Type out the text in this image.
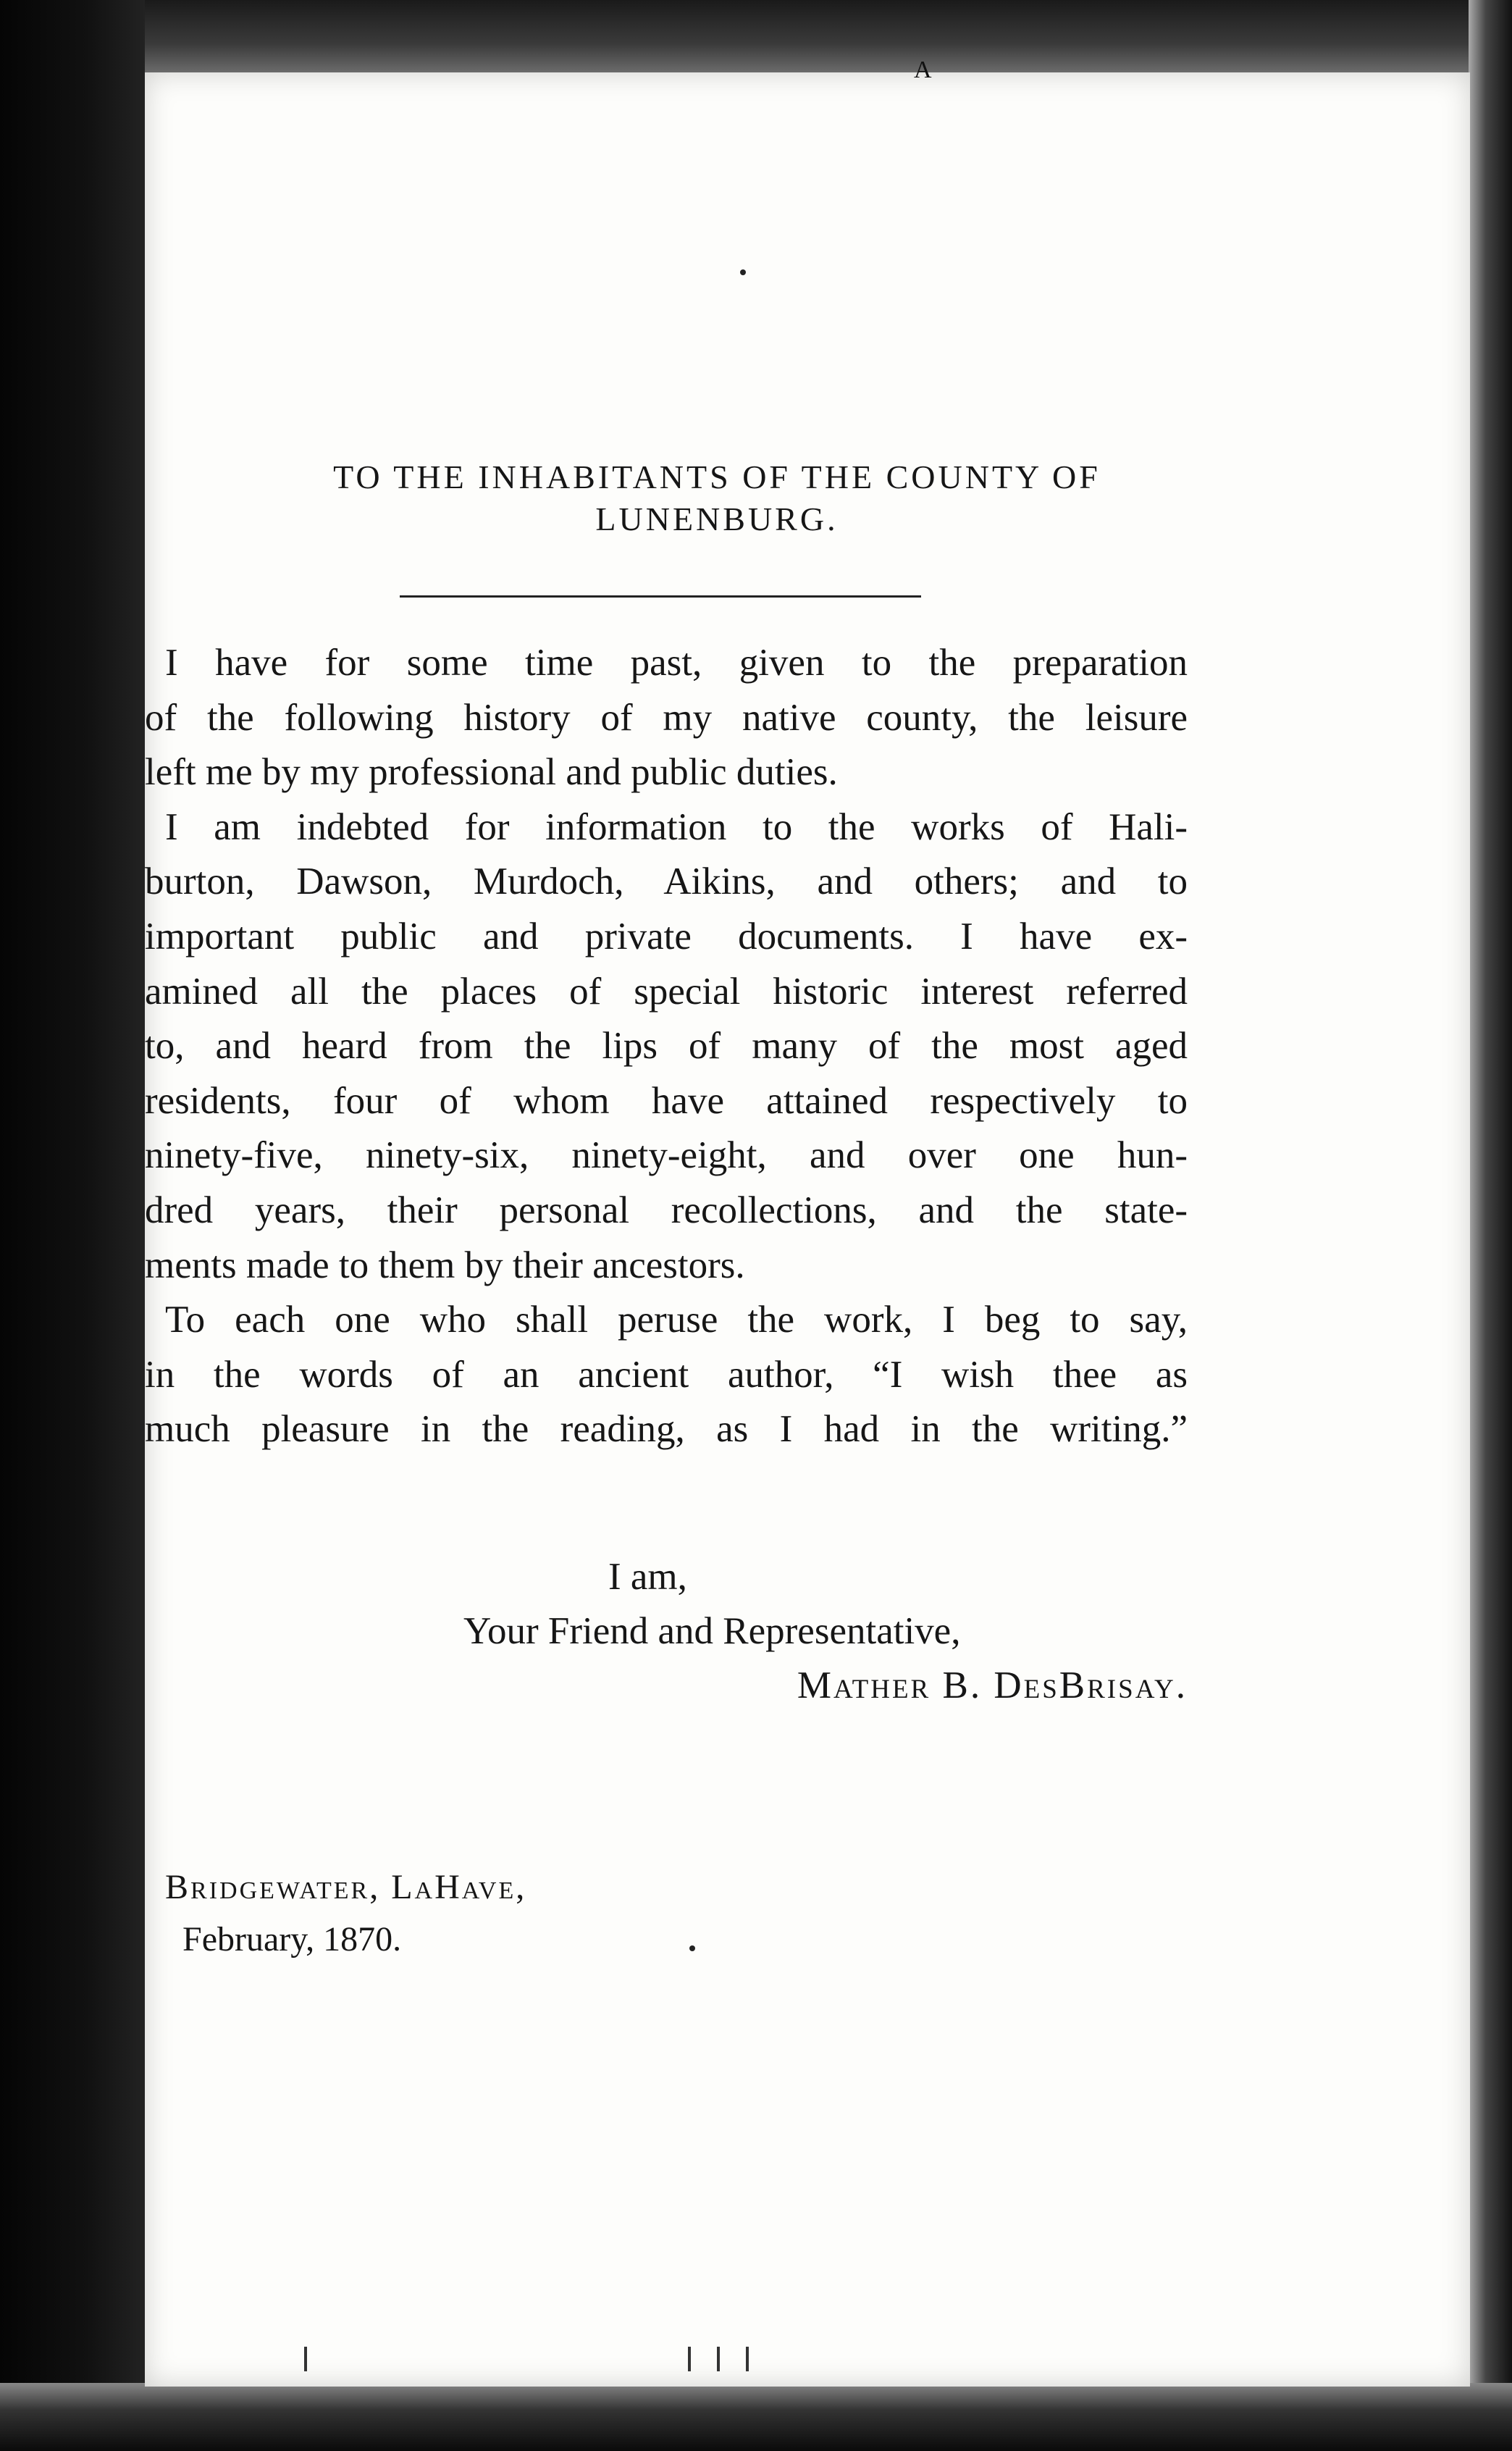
A
TO THE INHABITANTS OF THE COUNTY OF
LUNENBURG.
I have for some time past, given to the preparation
of the following history of my native county, the leisure
left me by my professional and public duties.
I am indebted for information to the works of Hali-
burton, Dawson, Murdoch, Aikins, and others; and to
important public and private documents. I have ex-
amined all the places of special historic interest referred
to, and heard from the lips of many of the most aged
residents, four of whom have attained respectively to
ninety-five, ninety-six, ninety-eight, and over one hun-
dred years, their personal recollections, and the state-
ments made to them by their ancestors.
To each one who shall peruse the work, I beg to say,
in the words of an ancient author, “I wish thee as
much pleasure in the reading, as I had in the writing.”
I am,
Your Friend and Representative,
Mather B. DesBrisay.
Bridgewater, LaHave,
February, 1870.
